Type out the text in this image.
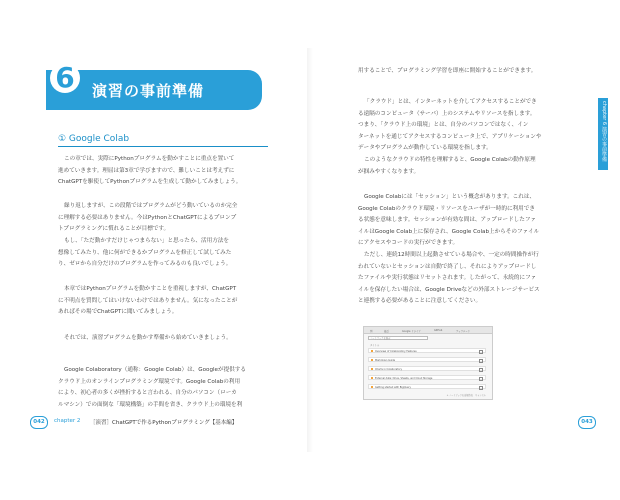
6	演習の事前準備
① Google Colab

この章では、実際にPythonプログラムを動かすことに重点を置いて

進めていきます。理屈は第3章で学びますので、難しいことは考えずに

ChatGPTを駆使してPythonプログラムを生成して動かしてみましょう。

繰り返しますが、この段階ではプログラムがどう動いているのか完全

に理解する必要はありません。今はPythonとChatGPTによるプロンプ

トプログラミングに慣れることが目標です。

もし、「ただ動かすだけじゃつまらない」と思ったら、活用方法を

想像してみたり、他に何ができるかプログラムを修正して試してみた

り、ゼロから自分だけのプログラムを作ってみるのも良いでしょう。

本章ではPythonプログラムを動かすことを重視しますが、ChatGPT

に不明点を質問してはいけないわけではありません。気になったことが

あればその場でChatGPTに聞いてみましょう。

それでは、演習プログラムを動かす準備から始めていきましょう。

Google Colaboratory（通称：Google Colab）は、Googleが提供する

クラウド上のオンラインプログラミング環境です。Google Colabの利用

により、初心者の多くが挫折すると言われる、自分のパソコン（ローカ

ルマシン）での面倒な「環境構築」の手間を省き、クラウド上の環境を利

用することで、プログラミング学習を即座に開始することができます。

「クラウド」とは、インターネットを介してアクセスすることができ

る遠隔のコンピュータ（サーバ）上のシステムやリソースを指します。

つまり、「クラウド上の環境」とは、自分のパソコンではなく、イン

ターネットを通じてアクセスするコンピュータ上で、アプリケーションや

データやプログラムが動作している環境を指します。

このようなクラウドの特性を理解すると、Google Colabの動作原理

が掴みやすくなります。

Google Colabには「セッション」という概念があります。これは、

Google Colabのクラウド環境・リソースをユーザが一時的に利用でき

る状態を意味します。セッションが有効な間は、アップロードしたファ

イルはGoogle Colab上に保存され、Google Colab上からそのファイル

にアクセスやコードの実行ができます。

ただし、連続12時間以上起動させている場合や、一定の時間操作が行

われていないとセッションは自動で終了し、それによりアップロードし

たファイルや実行状態はリセットされます。したがって、永続的にファ

イルを保存したい場合は、Google Driveなどの外部ストレージサービス

と連携する必要があることに注意してください。

例	最近	Google ドライブ	GitHub	アップロード
ノートブックを検索
タイトル
Overview of Colaboratory Features
Markdown Guide
Charts in Colaboratory
External data: Drive, Sheets, and Cloud Storage
Getting started with BigQuery
+ ノートブックを新規作成　キャンセル
chapter 6 演習の事前準備
042	chapter 2 ［演習］ChatGPTで作るPythonプログラミング【基本編】	043
